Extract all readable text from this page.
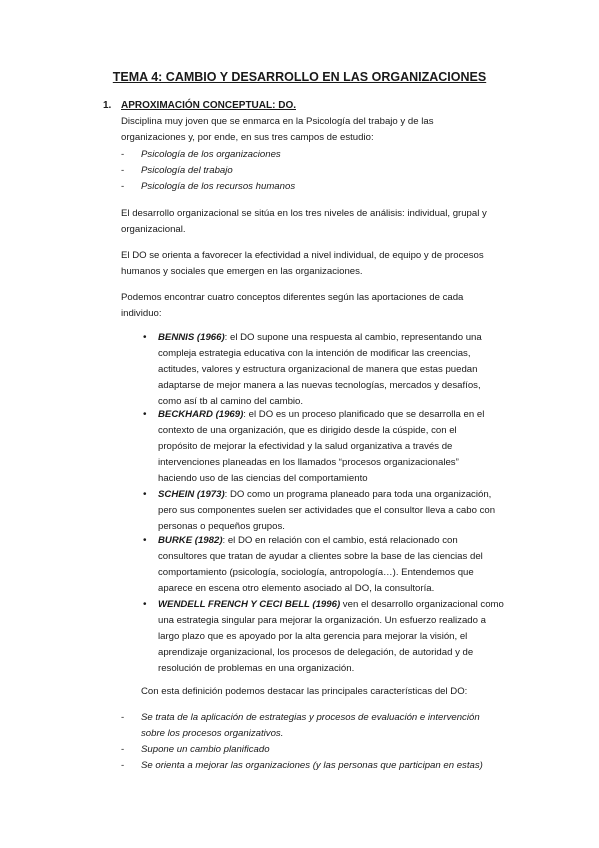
TEMA 4: CAMBIO Y DESARROLLO EN LAS ORGANIZACIONES
1. APROXIMACIÓN CONCEPTUAL: DO.
Disciplina muy joven que se enmarca en la Psicología del trabajo y de las
organizaciones y, por ende, en sus tres campos de estudio:
- Psicología de los organizaciones
- Psicología del trabajo
- Psicología de los recursos humanos
El desarrollo organizacional se sitúa en los tres niveles de análisis: individual, grupal y
organizacional.
El DO se orienta a favorecer la efectividad a nivel individual, de equipo y de procesos
humanos y sociales que emergen en las organizaciones.
Podemos encontrar cuatro conceptos diferentes según las aportaciones de cada
individuo:
• BENNIS (1966): el DO supone una respuesta al cambio, representando una
compleja estrategia educativa con la intención de modificar las creencias,
actitudes, valores y estructura organizacional de manera que estas puedan
adaptarse de mejor manera a las nuevas tecnologías, mercados y desafíos,
como así tb al camino del cambio.
• BECKHARD (1969): el DO es un proceso planificado que se desarrolla en el
contexto de una organización, que es dirigido desde la cúspide, con el
propósito de mejorar la efectividad y la salud organizativa a través de
intervenciones planeadas en los llamados “procesos organizacionales”
haciendo uso de las ciencias del comportamiento
• SCHEIN (1973): DO como un programa planeado para toda una organización,
pero sus componentes suelen ser actividades que el consultor lleva a cabo con
personas o pequeños grupos.
• BURKE (1982): el DO en relación con el cambio, está relacionado con
consultores que tratan de ayudar a clientes sobre la base de las ciencias del
comportamiento (psicología, sociología, antropología…). Entendemos que
aparece en escena otro elemento asociado al DO, la consultoría.
• WENDELL FRENCH Y CECI BELL (1996) ven el desarrollo organizacional como
una estrategia singular para mejorar la organización. Un esfuerzo realizado a
largo plazo que es apoyado por la alta gerencia para mejorar la visión, el
aprendizaje organizacional, los procesos de delegación, de autoridad y de
resolución de problemas en una organización.
Con esta definición podemos destacar las principales características del DO:
- Se trata de la aplicación de estrategias y procesos de evaluación e intervención
sobre los procesos organizativos.
- Supone un cambio planificado
- Se orienta a mejorar las organizaciones (y las personas que participan en estas)
